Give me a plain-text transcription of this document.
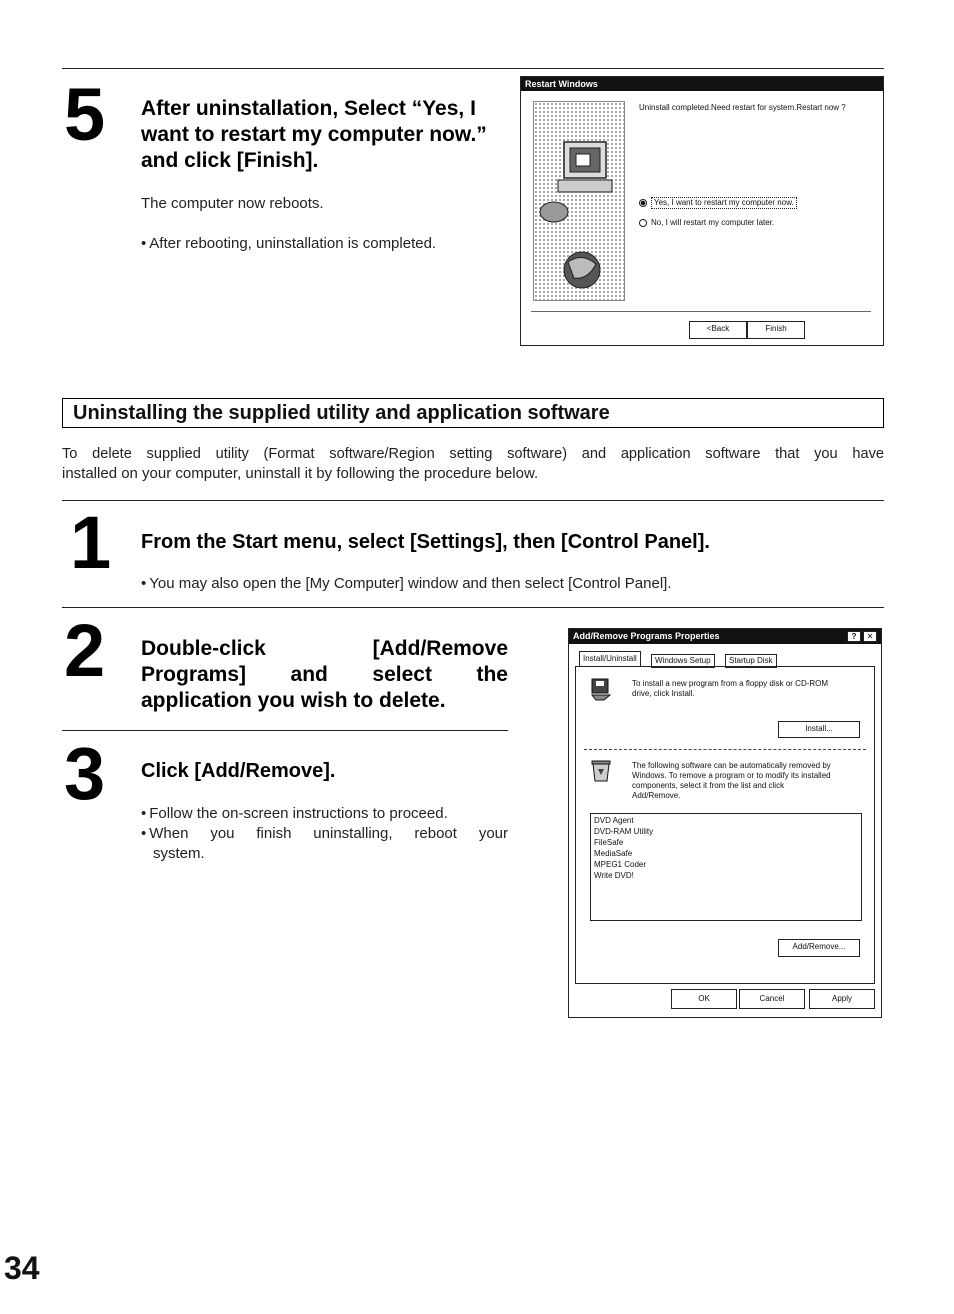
5 After uninstallation, Select “Yes, I
want to restart my computer now.”
and click [Finish].
The computer now reboots.
• After rebooting, uninstallation is completed.
Restart Windows
Uninstall completed.Need restart for system.Restart now ?
Yes, I want to restart my computer now.
No, I will restart my computer later.
<Back	Finish
Uninstalling the supplied utility and application software
To delete supplied utility (Format software/Region setting software) and application software that you have
installed on your computer, uninstall it by following the procedure below.
1 From the Start menu, select [Settings], then [Control Panel].
• You may also open the [My Computer] window and then select [Control Panel].
2 Double-click	[Add/Remove
Programs] and select the
application you wish to delete.
3 Click [Add/Remove].
• Follow the on-screen instructions to proceed.
• When you finish uninstalling, reboot your
system.
Add/Remove Programs Properties	?	✕
Install/Uninstall	Windows Setup	Startup Disk
To install a new program from a floppy disk or CD-ROM
drive, click Install.
Install...
The following software can be automatically removed by
Windows. To remove a program or to modify its installed
components, select it from the list and click
Add/Remove.
DVD Agent
DVD-RAM Utility
FileSafe
MediaSafe
MPEG1 Coder
Write DVD!
Add/Remove...
OK	Cancel	Apply
34
